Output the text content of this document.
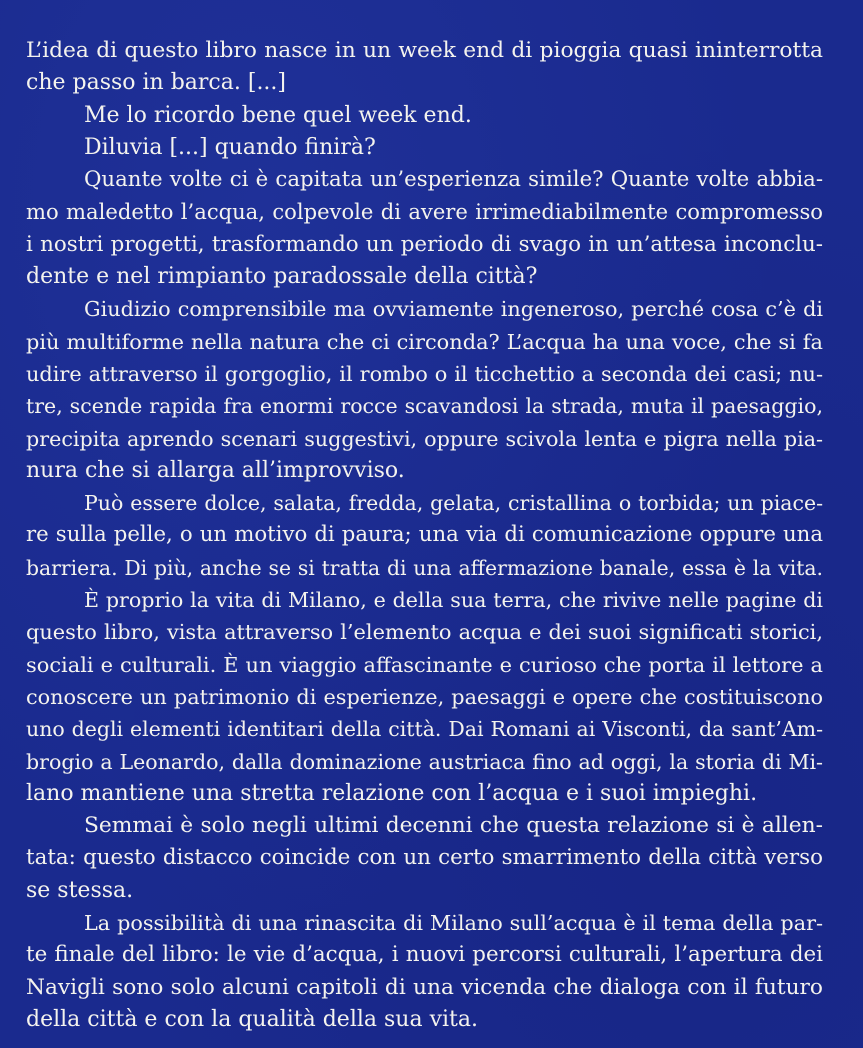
L’idea di questo libro nasce in un week end di pioggia quasi ininterrotta
che passo in barca. [...]
Me lo ricordo bene quel week end.
Diluvia [...] quando finirà?
Quante volte ci è capitata un’esperienza simile? Quante volte abbia-
mo maledetto l’acqua, colpevole di avere irrimediabilmente compromesso
i nostri progetti, trasformando un periodo di svago in un’attesa inconclu-
dente e nel rimpianto paradossale della città?
Giudizio comprensibile ma ovviamente ingeneroso, perché cosa c’è di
più multiforme nella natura che ci circonda? L’acqua ha una voce, che si fa
udire attraverso il gorgoglio, il rombo o il ticchettio a seconda dei casi; nu-
tre, scende rapida fra enormi rocce scavandosi la strada, muta il paesaggio,
precipita aprendo scenari suggestivi, oppure scivola lenta e pigra nella pia-
nura che si allarga all’improvviso.
Può essere dolce, salata, fredda, gelata, cristallina o torbida; un piace-
re sulla pelle, o un motivo di paura; una via di comunicazione oppure una
barriera. Di più, anche se si tratta di una affermazione banale, essa è la vita.
È proprio la vita di Milano, e della sua terra, che rivive nelle pagine di
questo libro, vista attraverso l’elemento acqua e dei suoi significati storici,
sociali e culturali. È un viaggio affascinante e curioso che porta il lettore a
conoscere un patrimonio di esperienze, paesaggi e opere che costituiscono
uno degli elementi identitari della città. Dai Romani ai Visconti, da sant’Am-
brogio a Leonardo, dalla dominazione austriaca fino ad oggi, la storia di Mi-
lano mantiene una stretta relazione con l’acqua e i suoi impieghi.
Semmai è solo negli ultimi decenni che questa relazione si è allen-
tata: questo distacco coincide con un certo smarrimento della città verso
se stessa.
La possibilità di una rinascita di Milano sull’acqua è il tema della par-
te finale del libro: le vie d’acqua, i nuovi percorsi culturali, l’apertura dei
Navigli sono solo alcuni capitoli di una vicenda che dialoga con il futuro
della città e con la qualità della sua vita.
